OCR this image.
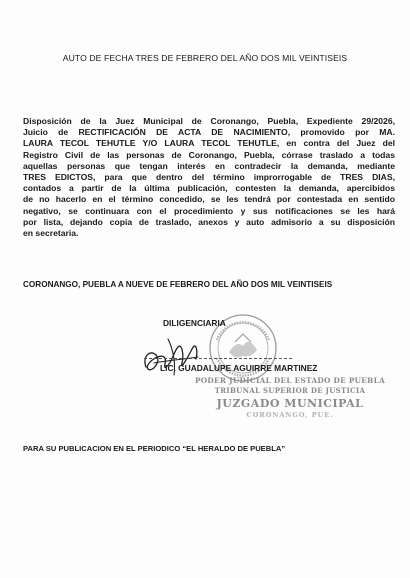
AUTO DE FECHA TRES DE FEBRERO DEL AÑO DOS MIL VEINTISEIS
Disposición de la Juez Municipal de Coronango, Puebla, Expediente 29/2026,
Juicio de RECTIFICACIÓN DE ACTA DE NACIMIENTO, promovido por MA.
LAURA TECOL TEHUTLE Y/O LAURA TECOL TEHUTLE, en contra del Juez del
Registro Civil de las personas de Coronango, Puebla, córrase traslado a todas
aquellas personas que tengan interés en contradecir la demanda, mediante
TRES EDICTOS, para que dentro del término improrrogable de TRES DIAS,
contados a partir de la última publicación, contesten la demanda, apercibidos
de no hacerlo en el término concedido, se les tendrá por contestada en sentido
negativo, se continuara con el procedimiento y sus notificaciones se les hará
por lista, dejando copia de traslado, anexos y auto admisorio a su disposición
en secretaria.
CORONANGO, PUEBLA A NUEVE DE FEBRERO DEL AÑO DOS MIL VEINTISEIS
DILIGENCIARIA
LIC. GUADALUPE AGUIRRE MARTINEZ
PODER JUDICIAL DEL ESTADO DE PUEBLA
TRIBUNAL SUPERIOR DE JUSTICIA
JUZGADO MUNICIPAL
CORONANGO, PUE.
PARA SU PUBLICACION EN EL PERIODICO “EL HERALDO DE PUEBLA”
